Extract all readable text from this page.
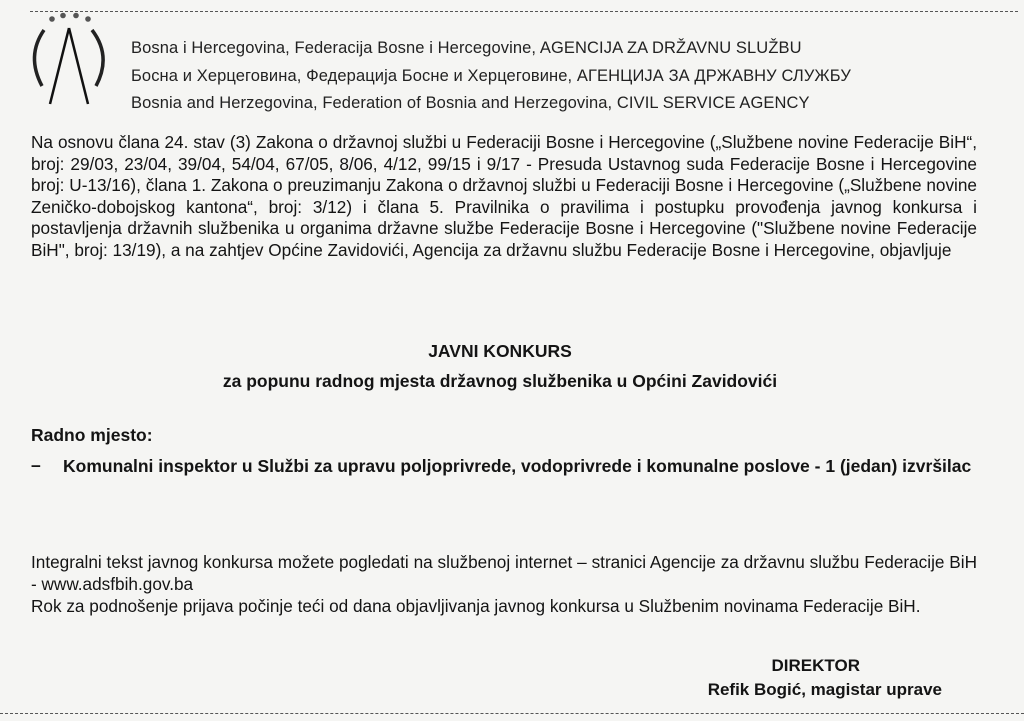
Bosna i Hercegovina, Federacija Bosne i Hercegovine, AGENCIJA ZA DRŽAVNU SLUŽBU
Босна и Херцеговина, Федерација Босне и Херцеговине, АГЕНЦИЈА ЗА ДРЖАВНУ СЛУЖБУ
Bosnia and Herzegovina, Federation of Bosnia and Herzegovina, CIVIL SERVICE AGENCY
Na osnovu člana 24. stav (3) Zakona o državnoj službi u Federaciji Bosne i Hercegovine („Službene novine Federacije BiH“, broj: 29/03, 23/04, 39/04, 54/04, 67/05, 8/06, 4/12, 99/15 i 9/17 - Presuda Ustavnog suda Federacije Bosne i Hercegovine broj: U-13/16), člana 1. Zakona o preuzimanju Zakona o državnoj službi u Federaciji Bosne i Hercegovine („Službene novine Zeničko-dobojskog kantona“, broj: 3/12) i člana 5. Pravilnika o pravilima i postupku provođenja javnog konkursa i postavljenja državnih službenika u organima državne službe Federacije Bosne i Hercegovine ("Službene novine Federacije BiH", broj: 13/19), a na zahtjev Općine Zavidovići, Agencija za državnu službu Federacije Bosne i Hercegovine, objavljuje
JAVNI KONKURS
za popunu radnog mjesta državnog službenika u Općini Zavidovići
Radno mjesto:
– Komunalni inspektor u Službi za upravu poljoprivrede, vodoprivrede i komunalne poslove - 1 (jedan) izvršilac

Integralni tekst javnog konkursa možete pogledati na službenoj internet – stranici Agencije za državnu službu Federacije BiH - www.adsfbih.gov.ba

Rok za podnošenje prijava počinje teći od dana objavljivanja javnog konkursa u Službenim novinama Federacije BiH.

DIREKTOR
Refik Bogić, magistar uprave
